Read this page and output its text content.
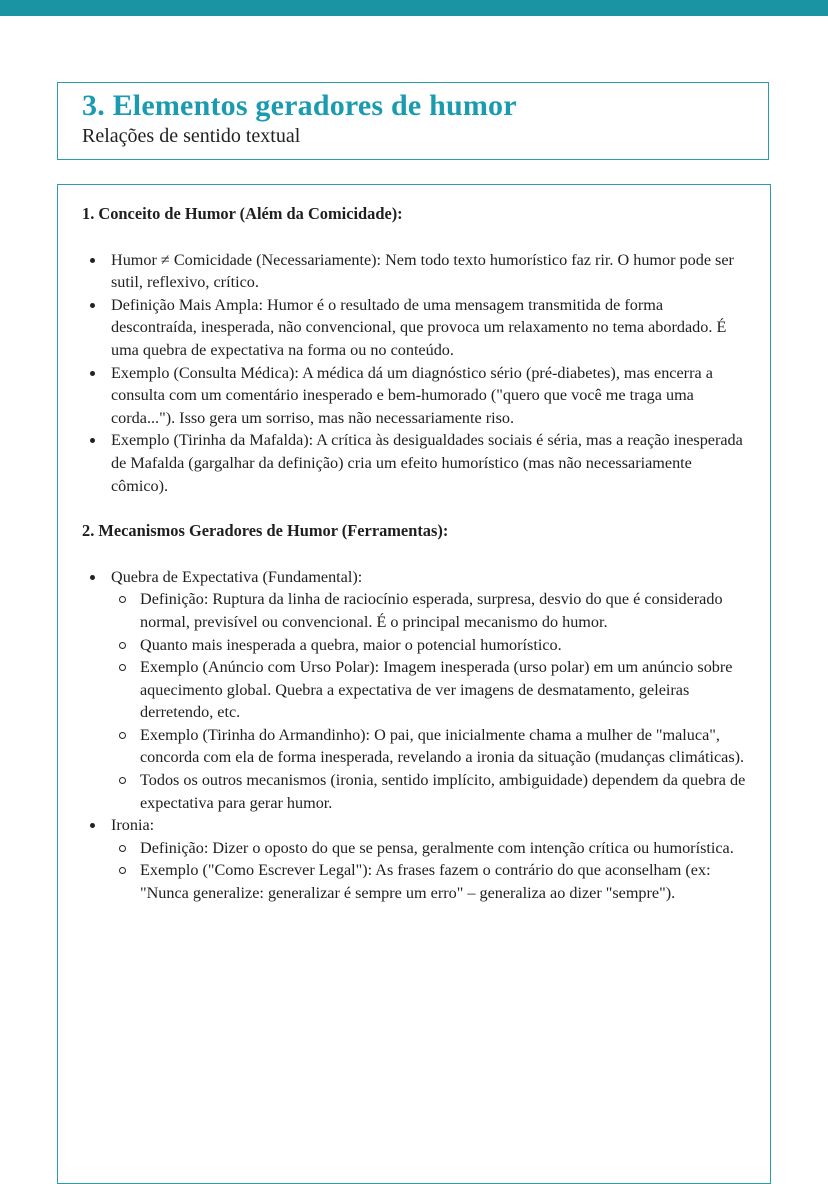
3. Elementos geradores de humor

Relações de sentido textual

1. Conceito de Humor (Além da Comicidade):

Humor ≠ Comicidade (Necessariamente): Nem todo texto humorístico faz rir. O humor pode ser sutil, reflexivo, crítico.
Definição Mais Ampla: Humor é o resultado de uma mensagem transmitida de forma descontraída, inesperada, não convencional, que provoca um relaxamento no tema abordado. É uma quebra de expectativa na forma ou no conteúdo.
Exemplo (Consulta Médica): A médica dá um diagnóstico sério (pré-diabetes), mas encerra a consulta com um comentário inesperado e bem-humorado ("quero que você me traga uma corda..."). Isso gera um sorriso, mas não necessariamente riso.
Exemplo (Tirinha da Mafalda): A crítica às desigualdades sociais é séria, mas a reação inesperada de Mafalda (gargalhar da definição) cria um efeito humorístico (mas não necessariamente cômico).

2. Mecanismos Geradores de Humor (Ferramentas):

Quebra de Expectativa (Fundamental):
Definição: Ruptura da linha de raciocínio esperada, surpresa, desvio do que é considerado normal, previsível ou convencional. É o principal mecanismo do humor.
Quanto mais inesperada a quebra, maior o potencial humorístico.
Exemplo (Anúncio com Urso Polar): Imagem inesperada (urso polar) em um anúncio sobre aquecimento global. Quebra a expectativa de ver imagens de desmatamento, geleiras derretendo, etc.
Exemplo (Tirinha do Armandinho): O pai, que inicialmente chama a mulher de "maluca", concorda com ela de forma inesperada, revelando a ironia da situação (mudanças climáticas).
Todos os outros mecanismos (ironia, sentido implícito, ambiguidade) dependem da quebra de expectativa para gerar humor.
Ironia:
Definição: Dizer o oposto do que se pensa, geralmente com intenção crítica ou humorística.
Exemplo ("Como Escrever Legal"): As frases fazem o contrário do que aconselham (ex: "Nunca generalize: generalizar é sempre um erro" – generaliza ao dizer "sempre").
